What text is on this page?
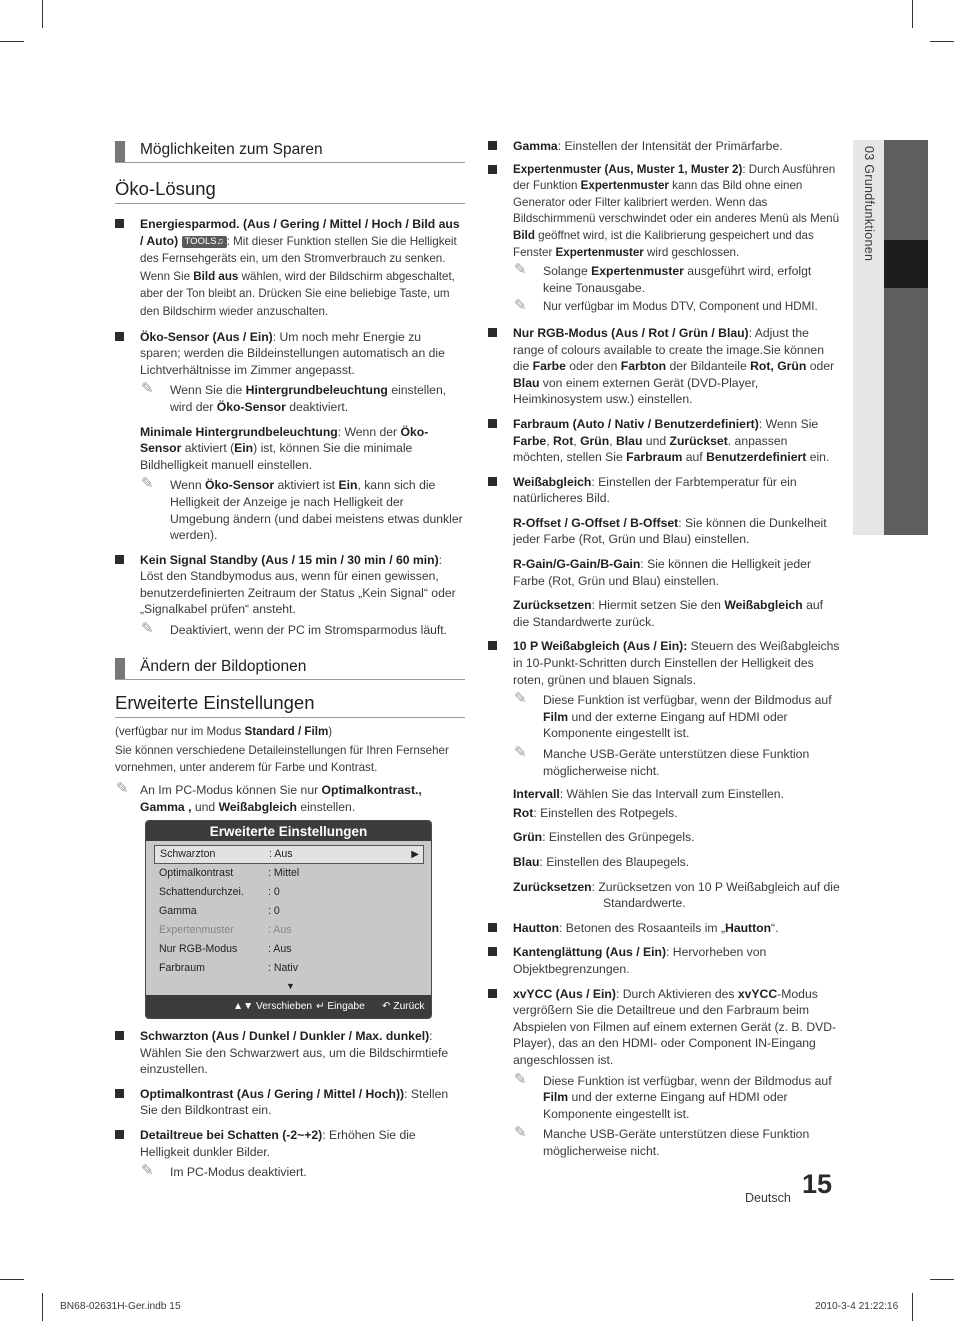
03 Grundfunktionen
Möglichkeiten zum Sparen
Öko-Lösung
Energiesparmod. (Aus / Gering / Mittel / Hoch / Bild aus / Auto) TOOLS♫ : Mit dieser Funktion stellen Sie die Helligkeit des Fernsehgeräts ein, um den Stromverbrauch zu senken. Wenn Sie Bild aus wählen, wird der Bildschirm abgeschaltet, aber der Ton bleibt an. Drücken Sie eine beliebige Taste, um den Bildschirm wieder anzuschalten.
Öko-Sensor (Aus / Ein): Um noch mehr Energie zu sparen; werden die Bildeinstellungen automatisch an die Lichtverhältnisse im Zimmer angepasst.
✎ Wenn Sie die Hintergrundbeleuchtung einstellen, wird der Öko-Sensor deaktiviert.
Minimale Hintergrundbeleuchtung: Wenn der Öko-Sensor aktiviert (Ein) ist, können Sie die minimale Bildhelligkeit manuell einstellen.
✎ Wenn Öko-Sensor aktiviert ist Ein, kann sich die Helligkeit der Anzeige je nach Helligkeit der Umgebung ändern (und dabei meistens etwas dunkler werden).
Kein Signal Standby (Aus / 15 min / 30 min / 60 min): Löst den Standbymodus aus, wenn für einen gewissen, benutzerdefinierten Zeitraum der Status „Kein Signal“ oder „Signalkabel prüfen“ ansteht.
✎ Deaktiviert, wenn der PC im Stromsparmodus läuft.
Ändern der Bildoptionen
Erweiterte Einstellungen
(verfügbar nur im Modus Standard / Film)
Sie können verschiedene Detaileinstellungen für Ihren Fernseher vornehmen, unter anderem für Farbe und Kontrast.
✎ An Im PC-Modus können Sie nur Optimalkontrast., Gamma , und Weißabgleich einstellen.
Erweiterte Einstellungen
Schwarzton	: Aus	▶
Optimalkontrast	: Mittel
Schattendurchzei. : 0
Gamma	: 0
Expertenmuster	: Aus
Nur RGB-Modus	: Aus
Farbraum	: Nativ
▼
▲▼ Verschieben ↵ Eingabe ↶ Zurück
Schwarzton (Aus / Dunkel / Dunkler / Max. dunkel): Wählen Sie den Schwarzwert aus, um die Bildschirmtiefe einzustellen.
Optimalkontrast (Aus / Gering / Mittel / Hoch)): Stellen Sie den Bildkontrast ein.
Detailtreue bei Schatten (-2~+2): Erhöhen Sie die Helligkeit dunkler Bilder.
✎ Im PC-Modus deaktiviert.
Gamma: Einstellen der Intensität der Primärfarbe.
Expertenmuster (Aus, Muster 1, Muster 2): Durch Ausführen der Funktion Expertenmuster kann das Bild ohne einen Generator oder Filter kalibriert werden. Wenn das Bildschirmmenü verschwindet oder ein anderes Menü als Menü Bild geöffnet wird, ist die Kalibrierung gespeichert und das Fenster Expertenmuster wird geschlossen.
✎ Solange Expertenmuster ausgeführt wird, erfolgt keine Tonausgabe.
✎ Nur verfügbar im Modus DTV, Component und HDMI.
Nur RGB-Modus (Aus / Rot / Grün / Blau): Adjust the range of colours available to create the image.Sie können die Farbe oder den Farbton der Bildanteile Rot, Grün oder Blau von einem externen Gerät (DVD-Player, Heimkinosystem usw.) einstellen.
Farbraum (Auto / Nativ / Benutzerdefiniert): Wenn Sie Farbe, Rot, Grün, Blau und Zurückset. anpassen möchten, stellen Sie Farbraum auf Benutzerdefiniert ein.
Weißabgleich: Einstellen der Farbtemperatur für ein natürlicheres Bild.
R-Offset / G-Offset / B-Offset: Sie können die Dunkelheit jeder Farbe (Rot, Grün und Blau) einstellen.
R-Gain/G-Gain/B-Gain: Sie können die Helligkeit jeder Farbe (Rot, Grün und Blau) einstellen.
Zurücksetzen: Hiermit setzen Sie den Weißabgleich auf die Standardwerte zurück.
10 P Weißabgleich (Aus / Ein): Steuern des Weißabgleichs in 10-Punkt-Schritten durch Einstellen der Helligkeit des roten, grünen und blauen Signals.
✎ Diese Funktion ist verfügbar, wenn der Bildmodus auf Film und der externe Eingang auf HDMI oder Komponente eingestellt ist.
✎ Manche USB-Geräte unterstützen diese Funktion möglicherweise nicht.
Intervall: Wählen Sie das Intervall zum Einstellen.
Rot: Einstellen des Rotpegels.
Grün: Einstellen des Grünpegels.
Blau: Einstellen des Blaupegels.
Zurücksetzen: Zurücksetzen von 10 P Weißabgleich auf die Standardwerte.
Hautton: Betonen des Rosaanteils im „Hautton“.
Kantenglättung (Aus / Ein): Hervorheben von Objektbegrenzungen.
xvYCC (Aus / Ein): Durch Aktivieren des xvYCC-Modus vergrößern Sie die Detailtreue und den Farbraum beim Abspielen von Filmen auf einem externen Gerät (z. B. DVD-Player), das an den HDMI- oder Component IN-Eingang angeschlossen ist.
✎ Diese Funktion ist verfügbar, wenn der Bildmodus auf Film und der externe Eingang auf HDMI oder Komponente eingestellt ist.
✎ Manche USB-Geräte unterstützen diese Funktion möglicherweise nicht.
Deutsch 15
BN68-02631H-Ger.indb 15	2010-3-4 21:22:16
